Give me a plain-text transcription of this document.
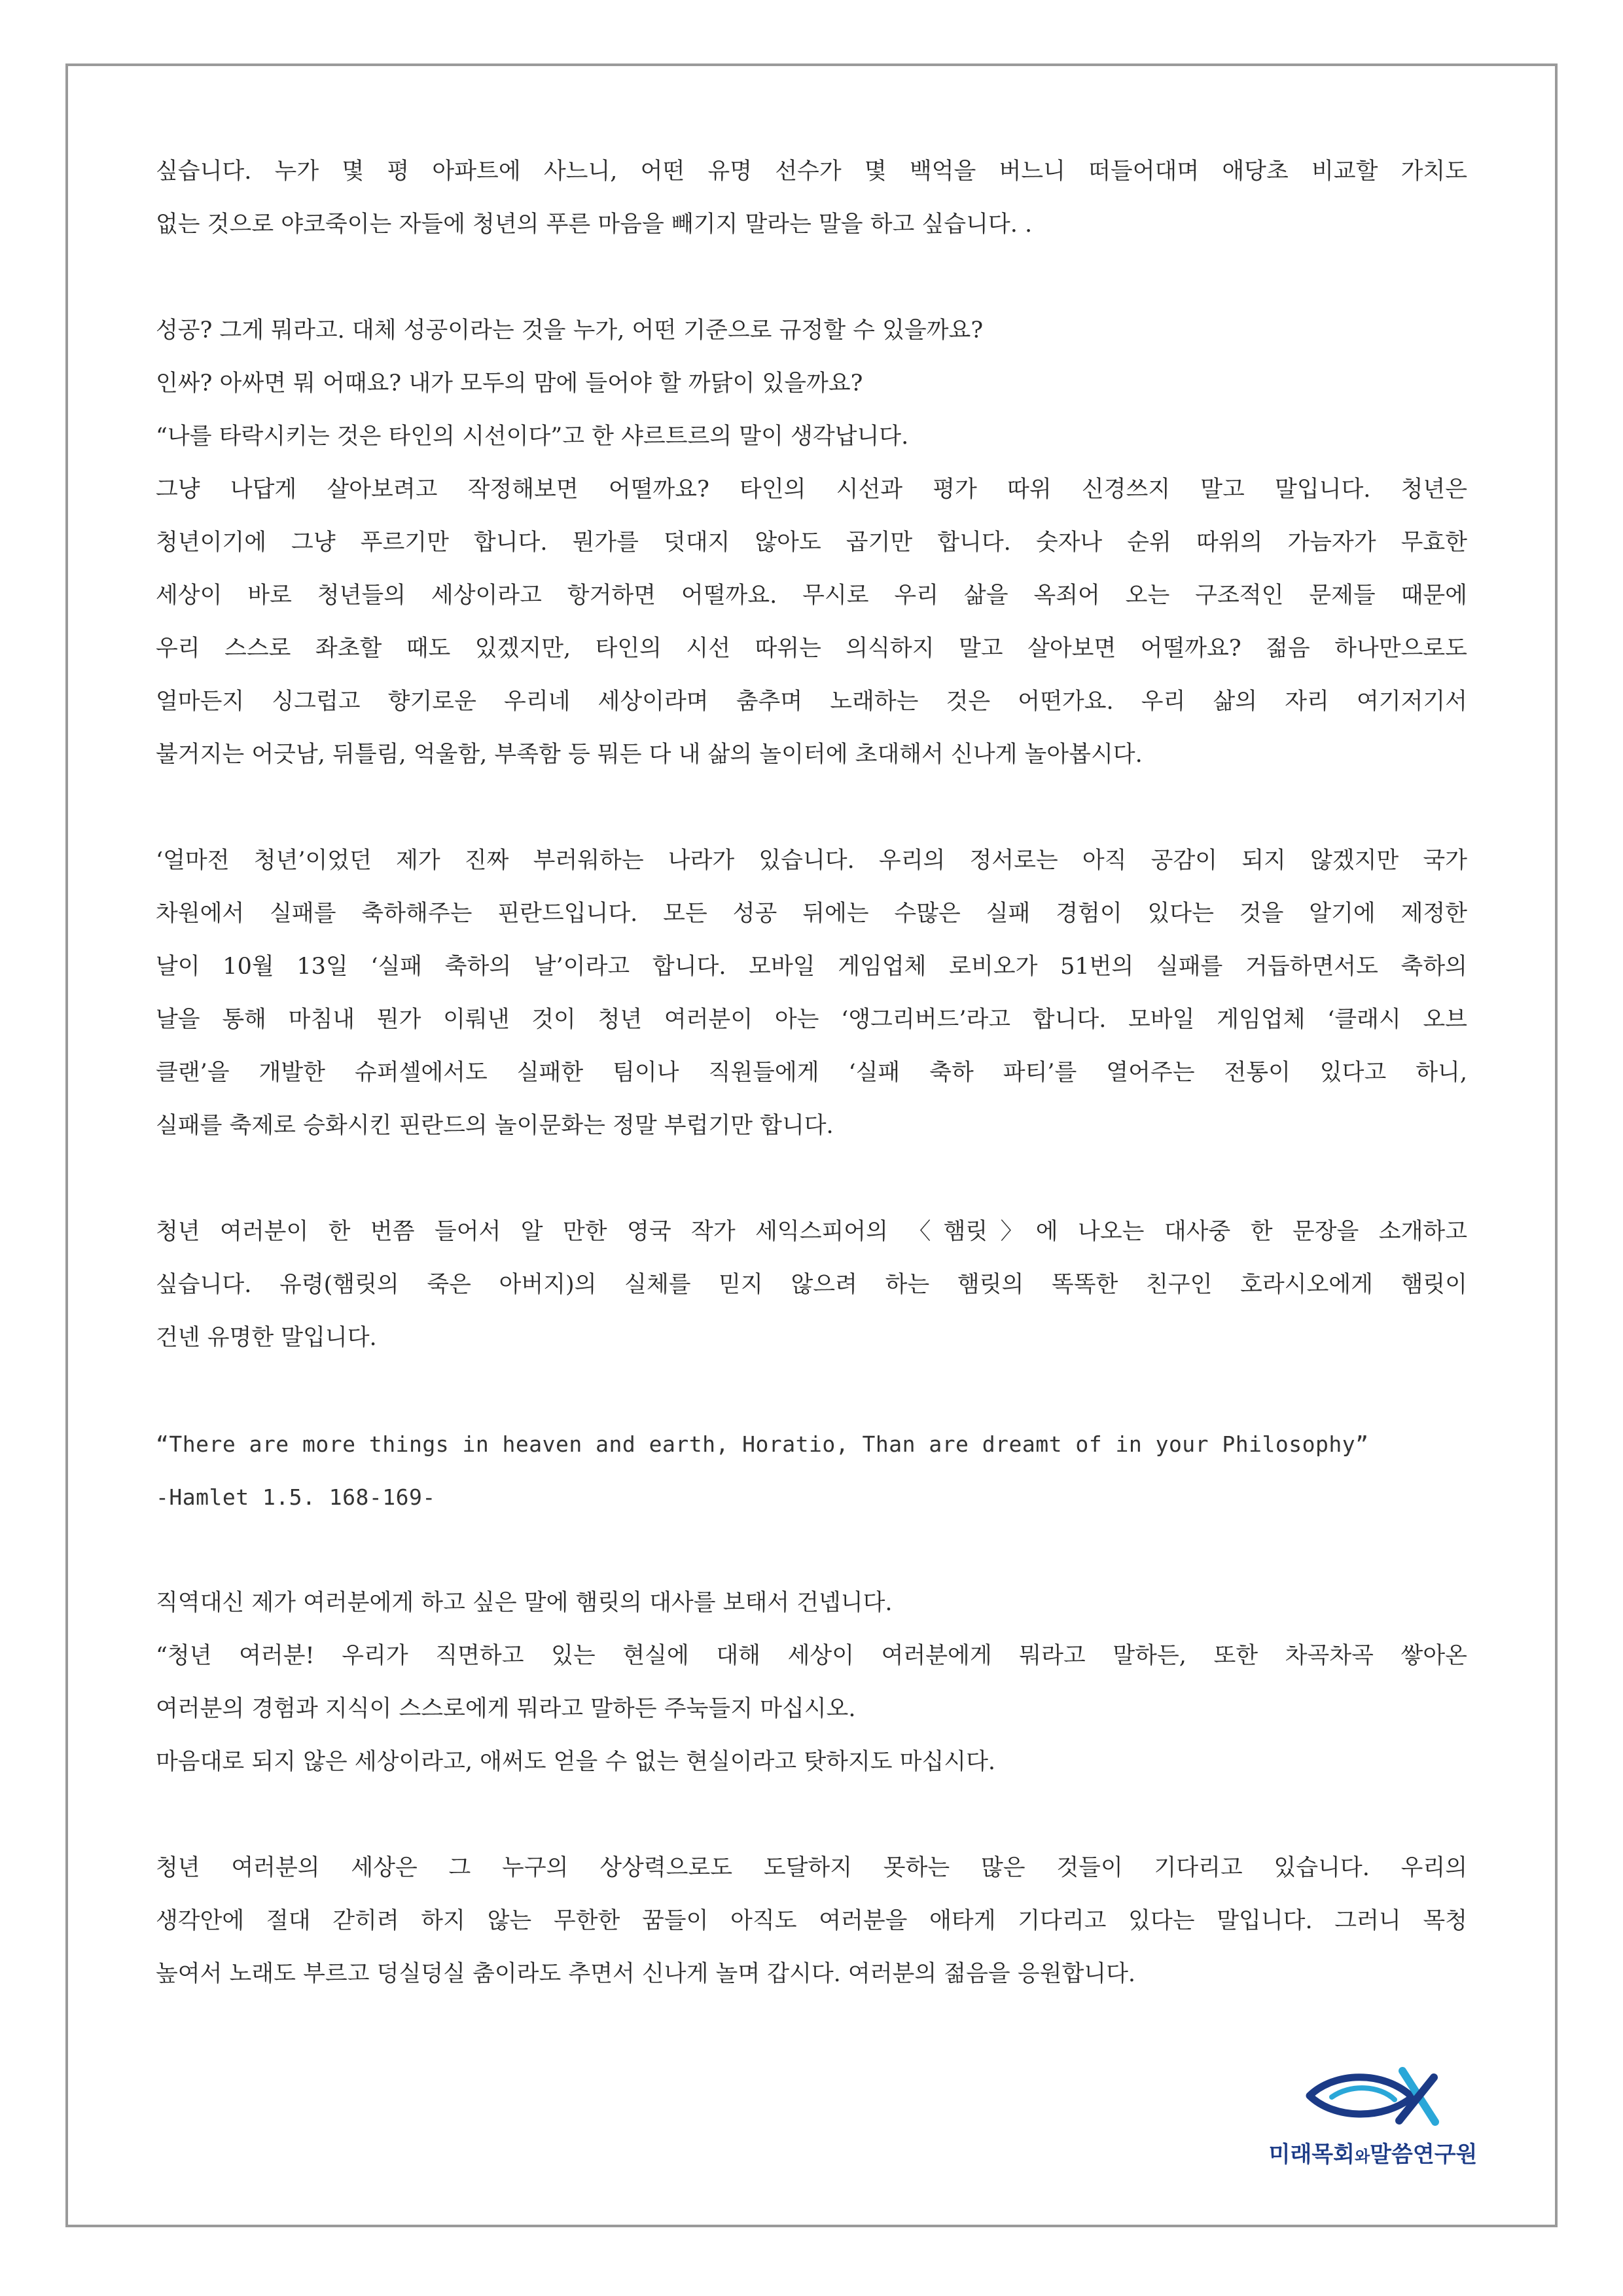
싶습니다. 누가 몇 평 아파트에 사느니, 어떤 유명 선수가 몇 백억을 버느니 떠들어대며 애당초 비교할 가치도
없는 것으로 야코죽이는 자들에 청년의 푸른 마음을 빼기지 말라는 말을 하고 싶습니다. .
성공? 그게 뭐라고. 대체 성공이라는 것을 누가, 어떤 기준으로 규정할 수 있을까요?
인싸? 아싸면 뭐 어때요? 내가 모두의 맘에 들어야 할 까닭이 있을까요?
“나를 타락시키는 것은 타인의 시선이다”고 한 샤르트르의 말이 생각납니다.
그냥 나답게 살아보려고 작정해보면 어떨까요? 타인의 시선과 평가 따위 신경쓰지 말고 말입니다. 청년은
청년이기에 그냥 푸르기만 합니다. 뭔가를 덧대지 않아도 곱기만 합니다. 숫자나 순위 따위의 가늠자가 무효한
세상이 바로 청년들의 세상이라고 항거하면 어떨까요. 무시로 우리 삶을 옥죄어 오는 구조적인 문제들 때문에
우리 스스로 좌초할 때도 있겠지만, 타인의 시선 따위는 의식하지 말고 살아보면 어떨까요? 젊음 하나만으로도
얼마든지 싱그럽고 향기로운 우리네 세상이라며 춤추며 노래하는 것은 어떤가요. 우리 삶의 자리 여기저기서
불거지는 어긋남, 뒤틀림, 억울함, 부족함 등 뭐든 다 내 삶의 놀이터에 초대해서 신나게 놀아봅시다.
‘얼마전 청년’이었던 제가 진짜 부러워하는 나라가 있습니다. 우리의 정서로는 아직 공감이 되지 않겠지만 국가
차원에서 실패를 축하해주는 핀란드입니다. 모든 성공 뒤에는 수많은 실패 경험이 있다는 것을 알기에 제정한
날이 10월 13일 ‘실패 축하의 날’이라고 합니다. 모바일 게임업체 로비오가 51번의 실패를 거듭하면서도 축하의
날을 통해 마침내 뭔가 이뤄낸 것이 청년 여러분이 아는 ‘앵그리버드’라고 합니다. 모바일 게임업체 ‘클래시 오브
클랜’을 개발한 슈퍼셀에서도 실패한 팀이나 직원들에게 ‘실패 축하 파티’를 열어주는 전통이 있다고 하니,
실패를 축제로 승화시킨 핀란드의 놀이문화는 정말 부럽기만 합니다.
청년 여러분이 한 번쯤 들어서 알 만한 영국 작가 세익스피어의 〈햄릿〉에 나오는 대사중 한 문장을 소개하고
싶습니다. 유령(햄릿의 죽은 아버지)의 실체를 믿지 않으려 하는 햄릿의 똑똑한 친구인 호라시오에게 햄릿이
건넨 유명한 말입니다.
“There are more things in heaven and earth, Horatio, Than are dreamt of in your Philosophy”
-Hamlet 1.5. 168-169-
직역대신 제가 여러분에게 하고 싶은 말에 햄릿의 대사를 보태서 건넵니다.
“청년 여러분! 우리가 직면하고 있는 현실에 대해 세상이 여러분에게 뭐라고 말하든, 또한 차곡차곡 쌓아온
여러분의 경험과 지식이 스스로에게 뭐라고 말하든 주눅들지 마십시오.
마음대로 되지 않은 세상이라고, 애써도 얻을 수 없는 현실이라고 탓하지도 마십시다.
청년 여러분의 세상은 그 누구의 상상력으로도 도달하지 못하는 많은 것들이 기다리고 있습니다. 우리의
생각안에 절대 갇히려 하지 않는 무한한 꿈들이 아직도 여러분을 애타게 기다리고 있다는 말입니다. 그러니 목청
높여서 노래도 부르고 덩실덩실 춤이라도 추면서 신나게 놀며 갑시다. 여러분의 젊음을 응원합니다.
미래목회와말씀연구원
